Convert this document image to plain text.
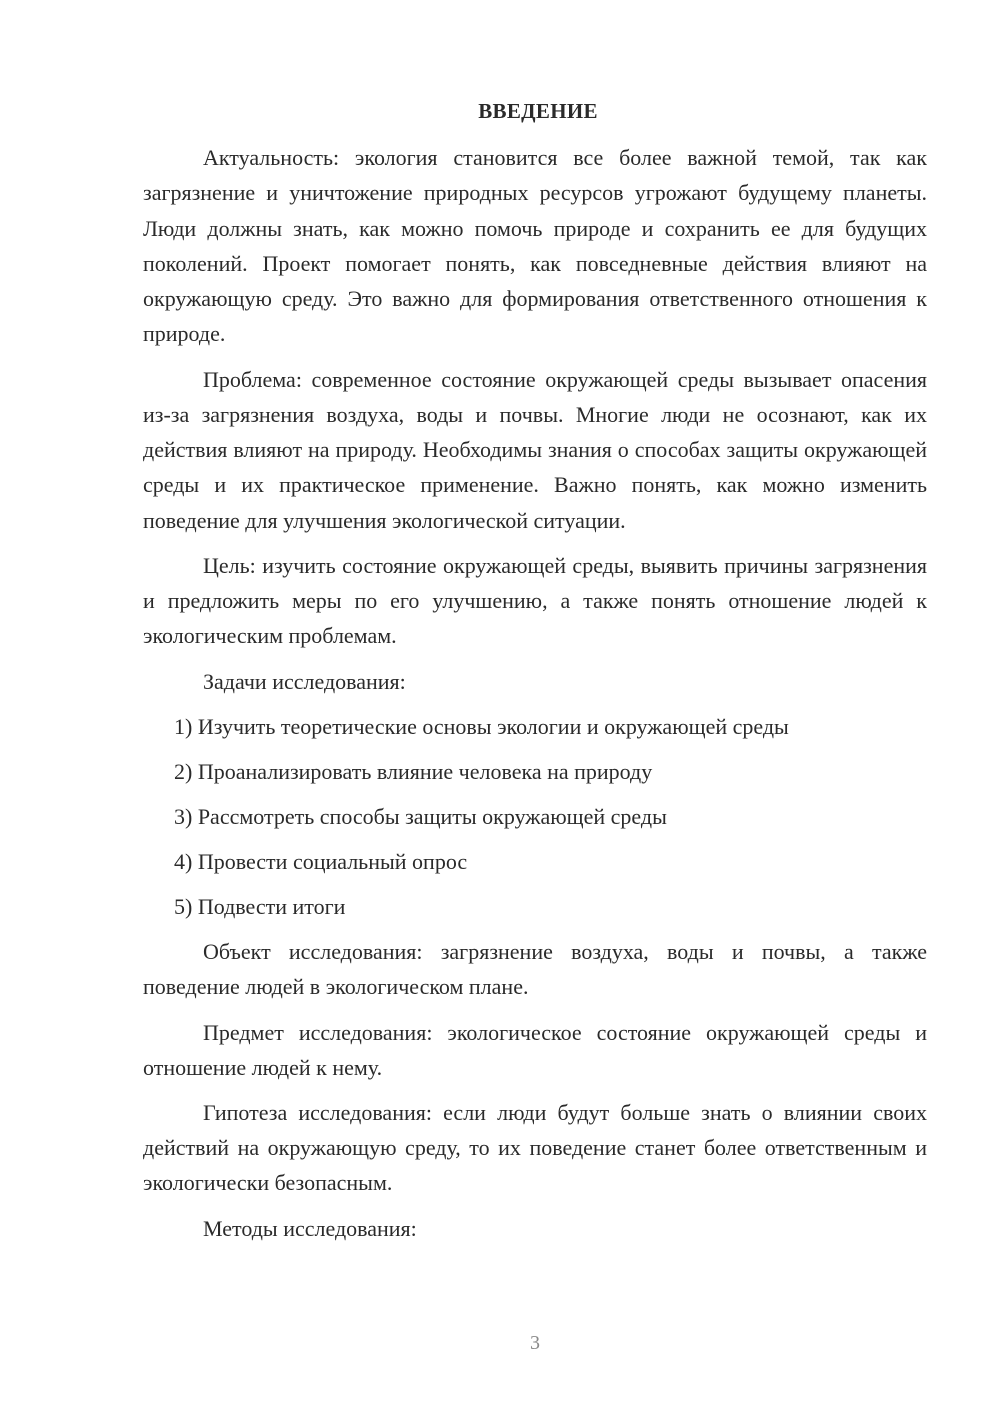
ВВЕДЕНИЕ

Актуальность: экология становится все более важной темой, так как загрязнение и уничтожение природных ресурсов угрожают будущему планеты. Люди должны знать, как можно помочь природе и сохранить ее для будущих поколений. Проект помогает понять, как повседневные действия влияют на окружающую среду. Это важно для формирования ответственного отношения к природе.

Проблема: современное состояние окружающей среды вызывает опасения из-за загрязнения воздуха, воды и почвы. Многие люди не осознают, как их действия влияют на природу. Необходимы знания о способах защиты окружающей среды и их практическое применение. Важно понять, как можно изменить поведение для улучшения экологической ситуации.

Цель: изучить состояние окружающей среды, выявить причины загрязнения и предложить меры по его улучшению, а также понять отношение людей к экологическим проблемам.

Задачи исследования:

1) Изучить теоретические основы экологии и окружающей среды
2) Проанализировать влияние человека на природу
3) Рассмотреть способы защиты окружающей среды
4) Провести социальный опрос
5) Подвести итоги

Объект исследования: загрязнение воздуха, воды и почвы, а также поведение людей в экологическом плане.

Предмет исследования: экологическое состояние окружающей среды и отношение людей к нему.

Гипотеза исследования: если люди будут больше знать о влиянии своих действий на окружающую среду, то их поведение станет более ответственным и экологически безопасным.

Методы исследования:

3
